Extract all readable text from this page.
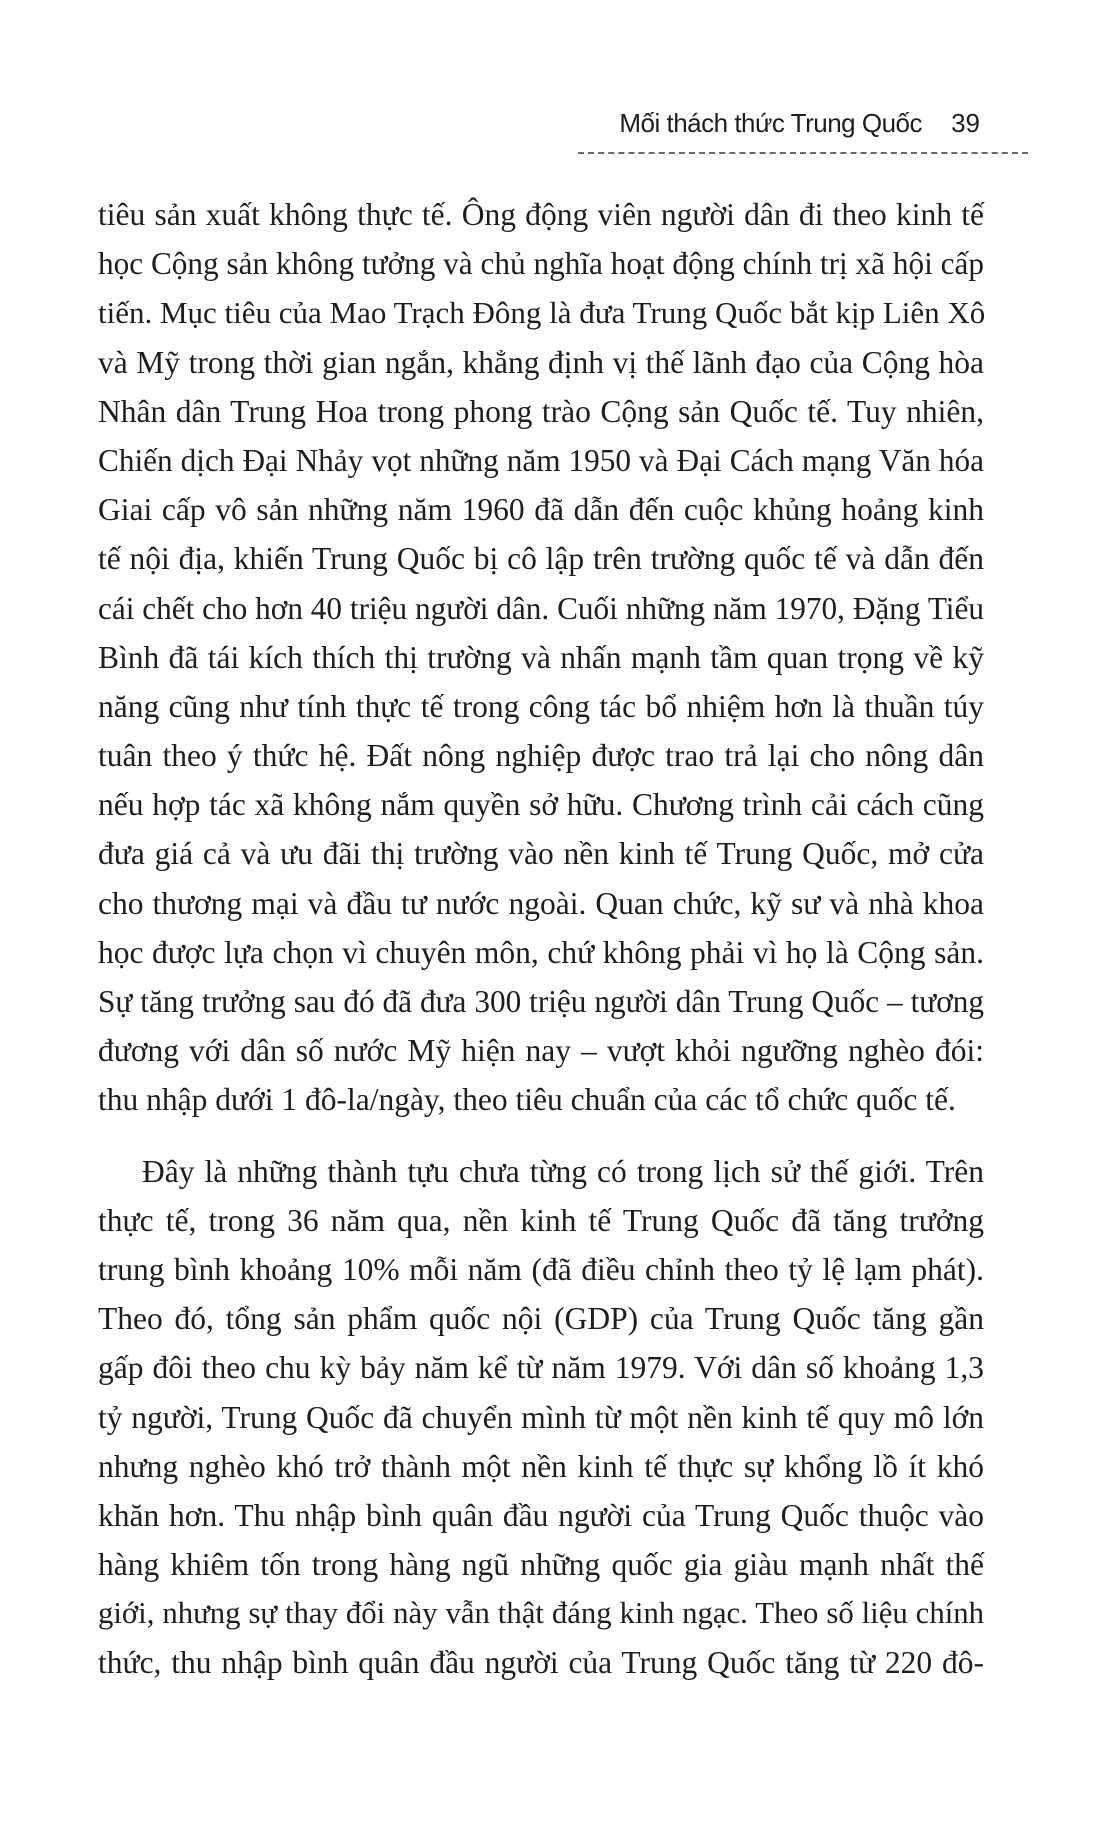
Mối thách thức Trung Quốc 39
tiêu sản xuất không thực tế. Ông động viên người dân đi theo kinh tế
học Cộng sản không tưởng và chủ nghĩa hoạt động chính trị xã hội cấp
tiến. Mục tiêu của Mao Trạch Đông là đưa Trung Quốc bắt kịp Liên Xô
và Mỹ trong thời gian ngắn, khẳng định vị thế lãnh đạo của Cộng hòa
Nhân dân Trung Hoa trong phong trào Cộng sản Quốc tế. Tuy nhiên,
Chiến dịch Đại Nhảy vọt những năm 1950 và Đại Cách mạng Văn hóa
Giai cấp vô sản những năm 1960 đã dẫn đến cuộc khủng hoảng kinh
tế nội địa, khiến Trung Quốc bị cô lập trên trường quốc tế và dẫn đến
cái chết cho hơn 40 triệu người dân. Cuối những năm 1970, Đặng Tiểu
Bình đã tái kích thích thị trường và nhấn mạnh tầm quan trọng về kỹ
năng cũng như tính thực tế trong công tác bổ nhiệm hơn là thuần túy
tuân theo ý thức hệ. Đất nông nghiệp được trao trả lại cho nông dân
nếu hợp tác xã không nắm quyền sở hữu. Chương trình cải cách cũng
đưa giá cả và ưu đãi thị trường vào nền kinh tế Trung Quốc, mở cửa
cho thương mại và đầu tư nước ngoài. Quan chức, kỹ sư và nhà khoa
học được lựa chọn vì chuyên môn, chứ không phải vì họ là Cộng sản.
Sự tăng trưởng sau đó đã đưa 300 triệu người dân Trung Quốc – tương
đương với dân số nước Mỹ hiện nay – vượt khỏi ngưỡng nghèo đói:
thu nhập dưới 1 đô-la/ngày, theo tiêu chuẩn của các tổ chức quốc tế.
Đây là những thành tựu chưa từng có trong lịch sử thế giới. Trên
thực tế, trong 36 năm qua, nền kinh tế Trung Quốc đã tăng trưởng
trung bình khoảng 10% mỗi năm (đã điều chỉnh theo tỷ lệ lạm phát).
Theo đó, tổng sản phẩm quốc nội (GDP) của Trung Quốc tăng gần
gấp đôi theo chu kỳ bảy năm kể từ năm 1979. Với dân số khoảng 1,3
tỷ người, Trung Quốc đã chuyển mình từ một nền kinh tế quy mô lớn
nhưng nghèo khó trở thành một nền kinh tế thực sự khổng lồ ít khó
khăn hơn. Thu nhập bình quân đầu người của Trung Quốc thuộc vào
hàng khiêm tốn trong hàng ngũ những quốc gia giàu mạnh nhất thế
giới, nhưng sự thay đổi này vẫn thật đáng kinh ngạc. Theo số liệu chính
thức, thu nhập bình quân đầu người của Trung Quốc tăng từ 220 đô-
